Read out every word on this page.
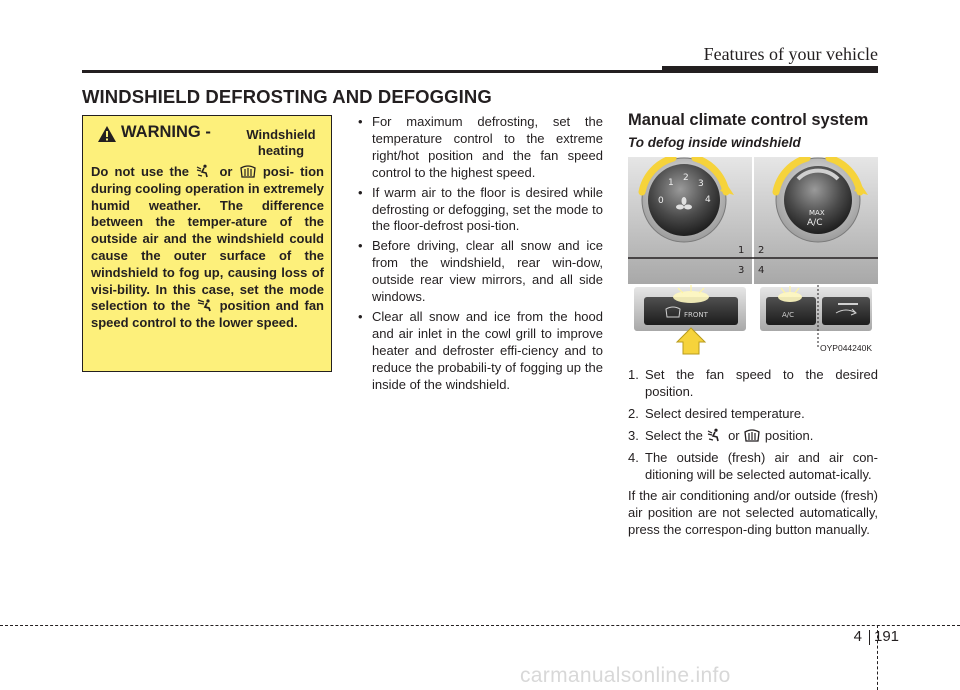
Features of your vehicle
WINDSHIELD DEFROSTING AND DEFOGGING
WARNING -	Windshield
heating
Do not use the or posi- tion during cooling operation in extremely humid weather. The difference between the temper-ature of the outside air and the windshield could cause the outer surface of the windshield to fog up, causing loss of visi-bility. In this case, set the mode selection to the position and fan speed control to the lower speed.
• For maximum defrosting, set the temperature control to the extreme right/hot position and the fan speed control to the highest speed.
• If warm air to the floor is desired while defrosting or defogging, set the mode to the floor-defrost posi-tion.
• Before driving, clear all snow and ice from the windshield, rear win-dow, outside rear view mirrors, and all side windows.
• Clear all snow and ice from the hood and air inlet in the cowl grill to improve heater and defroster effi-ciency and to reduce the probabili-ty of fogging up the inside of the windshield.
Manual climate control system
To defog inside windshield
0
1 2
3
4
MAX
A/C
1 2
3 4
FRONT	A/C
OYP044240K
1. Set the fan speed to the desired position.
2. Select desired temperature.
3. Select the or position.
4. The outside (fresh) air and air con-ditioning will be selected automat-ically.

If the air conditioning and/or outside (fresh) air position are not selected automatically, press the correspon-ding button manually.

4 191
carmanualsonline.info
